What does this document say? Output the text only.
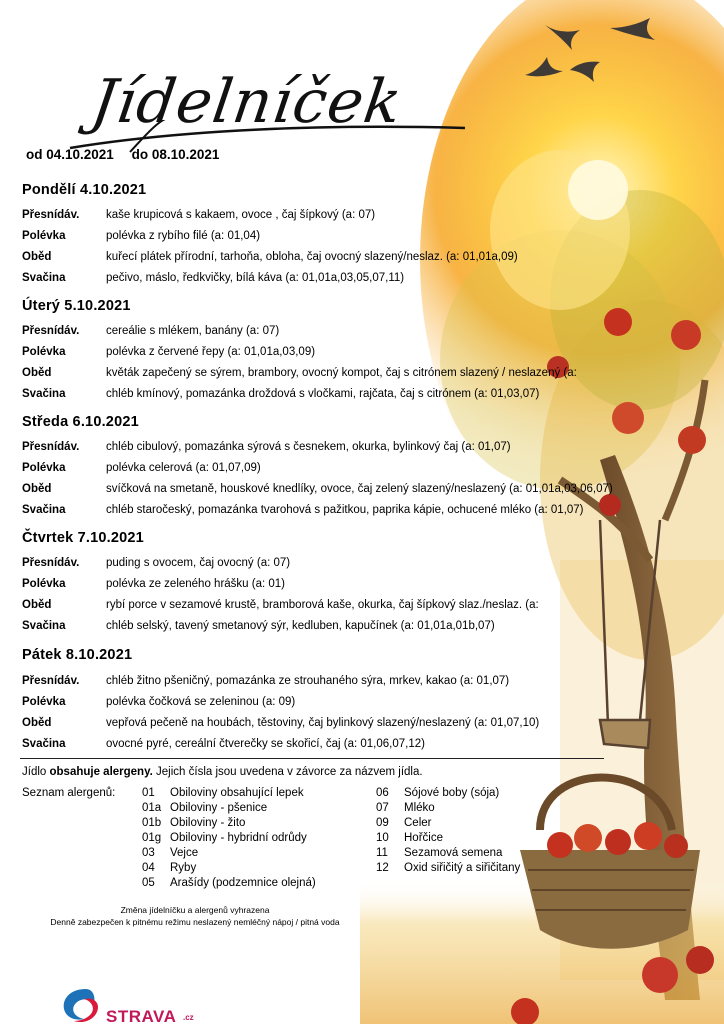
Jídelníček
od 04.10.2021 do 08.10.2021
Pondělí 4.10.2021
Přesnídáv.	kaše krupicová s kakaem, ovoce , čaj šípkový (a: 07)
Polévka	polévka z rybího filé (a: 01,04)
Oběd	kuřecí plátek přírodní, tarhoňa, obloha, čaj ovocný slazený/neslaz. (a: 01,01a,09)
Svačina	pečivo, máslo, ředkvičky, bílá káva (a: 01,01a,03,05,07,11)
Úterý 5.10.2021
Přesnídáv.	cereálie s mlékem, banány (a: 07)
Polévka	polévka z červené řepy (a: 01,01a,03,09)
Oběd	květák zapečený se sýrem, brambory, ovocný kompot, čaj s citrónem slazený / neslazený (a:
Svačina	chléb kmínový, pomazánka droždová s vločkami, rajčata, čaj s citrónem (a: 01,03,07)
Středa 6.10.2021
Přesnídáv.	chléb cibulový, pomazánka sýrová s česnekem, okurka, bylinkový čaj (a: 01,07)
Polévka	polévka celerová (a: 01,07,09)
Oběd	svíčková na smetaně, houskové knedlíky, ovoce, čaj zelený slazený/neslazený (a: 01,01a,03,06,07)
Svačina	chléb staročeský, pomazánka tvarohová s pažitkou, paprika kápie, ochucené mléko (a: 01,07)
Čtvrtek 7.10.2021
Přesnídáv.	puding s ovocem, čaj ovocný (a: 07)
Polévka	polévka ze zeleného hrášku (a: 01)
Oběd	rybí porce v sezamové krustě, bramborová kaše, okurka, čaj šípkový slaz./neslaz. (a:
Svačina	chléb selský, tavený smetanový sýr, kedluben, kapučínek (a: 01,01a,01b,07)
Pátek 8.10.2021
Přesnídáv.	chléb žitno pšeničný, pomazánka ze strouhaného sýra, mrkev, kakao (a: 01,07)
Polévka	polévka čočková se zeleninou (a: 09)
Oběd	vepřová pečeně na houbách, těstoviny, čaj bylinkový slazený/neslazený (a: 01,07,10)
Svačina	ovocné pyré, cereální čtverečky se skořicí, čaj (a: 01,06,07,12)
Jídlo obsahuje alergeny. Jejich čísla jsou uvedena v závorce za názvem jídla.
Seznam alergenů: 01 Obiloviny obsahující lepek
01a Obiloviny - pšenice
01b Obiloviny - žito
01g Obiloviny - hybridní odrůdy
03 Vejce
04 Ryby
05 Arašídy (podzemnice olejná)
06 Sójové boby (sója)
07 Mléko
09 Celer
10 Hořčice
11 Sezamová semena
12 Oxid siřičitý a siřičitany
Změna jídelníčku a alergenů vyhrazena
Denně zabezpečen k pitnému režimu neslazený nemléčný nápoj / pitná voda
STRAVA .cz
